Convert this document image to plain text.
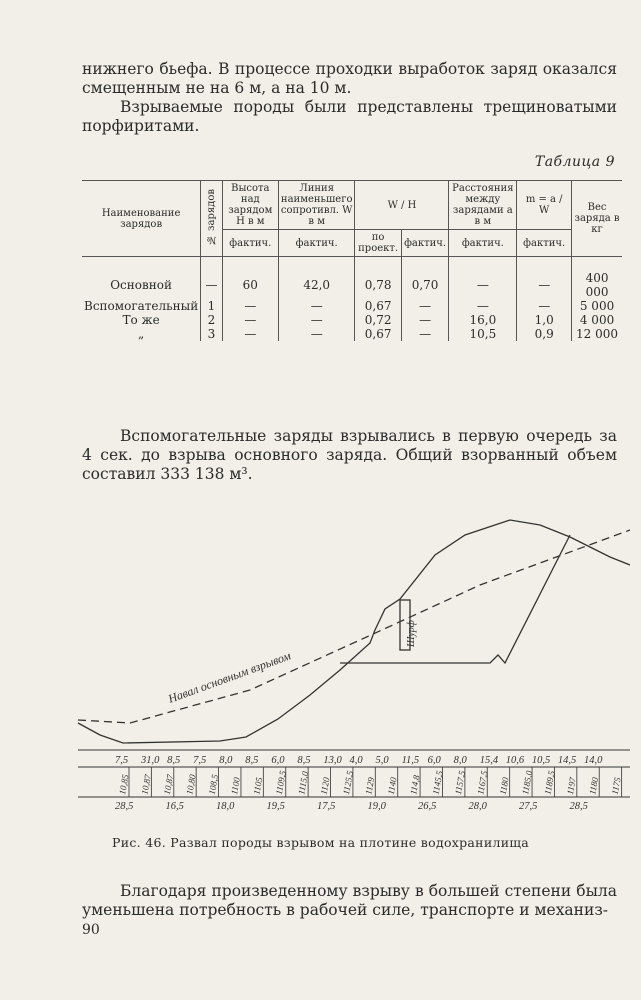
нижнего бьефа. В процессе проходки выработок заряд оказался смещенным не на 6 м, а на 10 м.

Взрываемые породы были представлены трещиноватыми порфиритами.

Таблица 9
Наименование зарядов	№ зарядов	Высота над зарядом H в м	Линия наименьшего сопротивл. W в м	W / H		Расстояния между зарядами a в м	m = a / W	Вес заряда в кг
		фактич.	фактич.	по проект.	фактич.	фактич.	фактич.	

Основной	—	60	42,0	0,78	0,70	—	—	400 000
Вспомогательный	1	—	—	0,67	—	—	—	5 000
То же	2	—	—	0,72	—	16,0	1,0	4 000
„	3	—	—	0,67	—	10,5	0,9	12 000

Вспомогательные заряды взрывались в первую очередь за 4 сек. до взрыва основного заряда. Общий взорванный объем составил 333 138 м³.

Навал основным взрывом
Шурф
7,5 31,0 8,5 7,5 8,0 8,5 6,0 8,5 13,0 4,0 5,0 11,5 6,0 8,0 15,4 10,6 10,5 14,5 14,0
10,85 10,87 10,87 10,80 108,5 1100 1105 1109,5 1115,0 1120 1125,5 1129 1140 114,8 1145,5 1157,5 1167,5 1180 1185,0 1189,5 1197 1180 1175
28,5	16,5	18,0	19,5	17,5	19,0	26,5	28,0	27,5	28,5
Рис. 46. Развал породы взрывом на плотине водохранилища

Благодаря произведенному взрыву в большей степени была уменьшена потребность в рабочей силе, транспорте и механиз-

90
